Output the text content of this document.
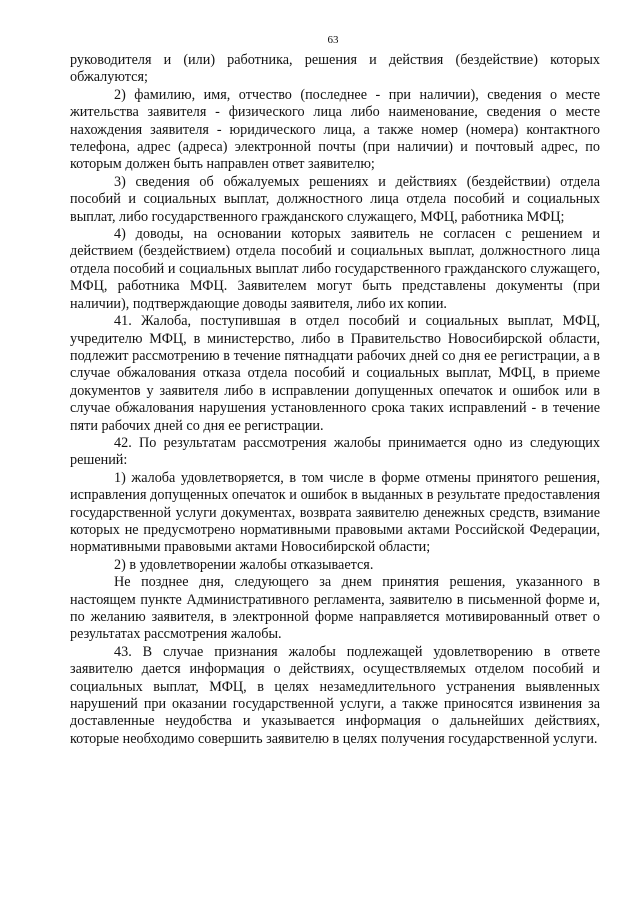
63

руководителя и (или) работника, решения и действия (бездействие) которых обжалуются;

2) фамилию, имя, отчество (последнее - при наличии), сведения о месте жительства заявителя - физического лица либо наименование, сведения о месте нахождения заявителя - юридического лица, а также номер (номера) контактного телефона, адрес (адреса) электронной почты (при наличии) и почтовый адрес, по которым должен быть направлен ответ заявителю;

3) сведения об обжалуемых решениях и действиях (бездействии) отдела пособий и социальных выплат, должностного лица отдела пособий и социальных выплат, либо государственного гражданского служащего, МФЦ, работника МФЦ;

4) доводы, на основании которых заявитель не согласен с решением и действием (бездействием) отдела пособий и социальных выплат, должностного лица отдела пособий и социальных выплат либо государственного гражданского служащего, МФЦ, работника МФЦ. Заявителем могут быть представлены документы (при наличии), подтверждающие доводы заявителя, либо их копии.

41. Жалоба, поступившая в отдел пособий и социальных выплат, МФЦ, учредителю МФЦ, в министерство, либо в Правительство Новосибирской области, подлежит рассмотрению в течение пятнадцати рабочих дней со дня ее регистрации, а в случае обжалования отказа отдела пособий и социальных выплат, МФЦ, в приеме документов у заявителя либо в исправлении допущенных опечаток и ошибок или в случае обжалования нарушения установленного срока таких исправлений - в течение пяти рабочих дней со дня ее регистрации.

42. По результатам рассмотрения жалобы принимается одно из следующих решений:

1) жалоба удовлетворяется, в том числе в форме отмены принятого решения, исправления допущенных опечаток и ошибок в выданных в результате предоставления государственной услуги документах, возврата заявителю денежных средств, взимание которых не предусмотрено нормативными правовыми актами Российской Федерации, нормативными правовыми актами Новосибирской области;

2) в удовлетворении жалобы отказывается.

Не позднее дня, следующего за днем принятия решения, указанного в настоящем пункте Административного регламента, заявителю в письменной форме и, по желанию заявителя, в электронной форме направляется мотивированный ответ о результатах рассмотрения жалобы.

43. В случае признания жалобы подлежащей удовлетворению в ответе заявителю дается информация о действиях, осуществляемых отделом пособий и социальных выплат, МФЦ, в целях незамедлительного устранения выявленных нарушений при оказании государственной услуги, а также приносятся извинения за доставленные неудобства и указывается информация о дальнейших действиях, которые необходимо совершить заявителю в целях получения государственной услуги.
